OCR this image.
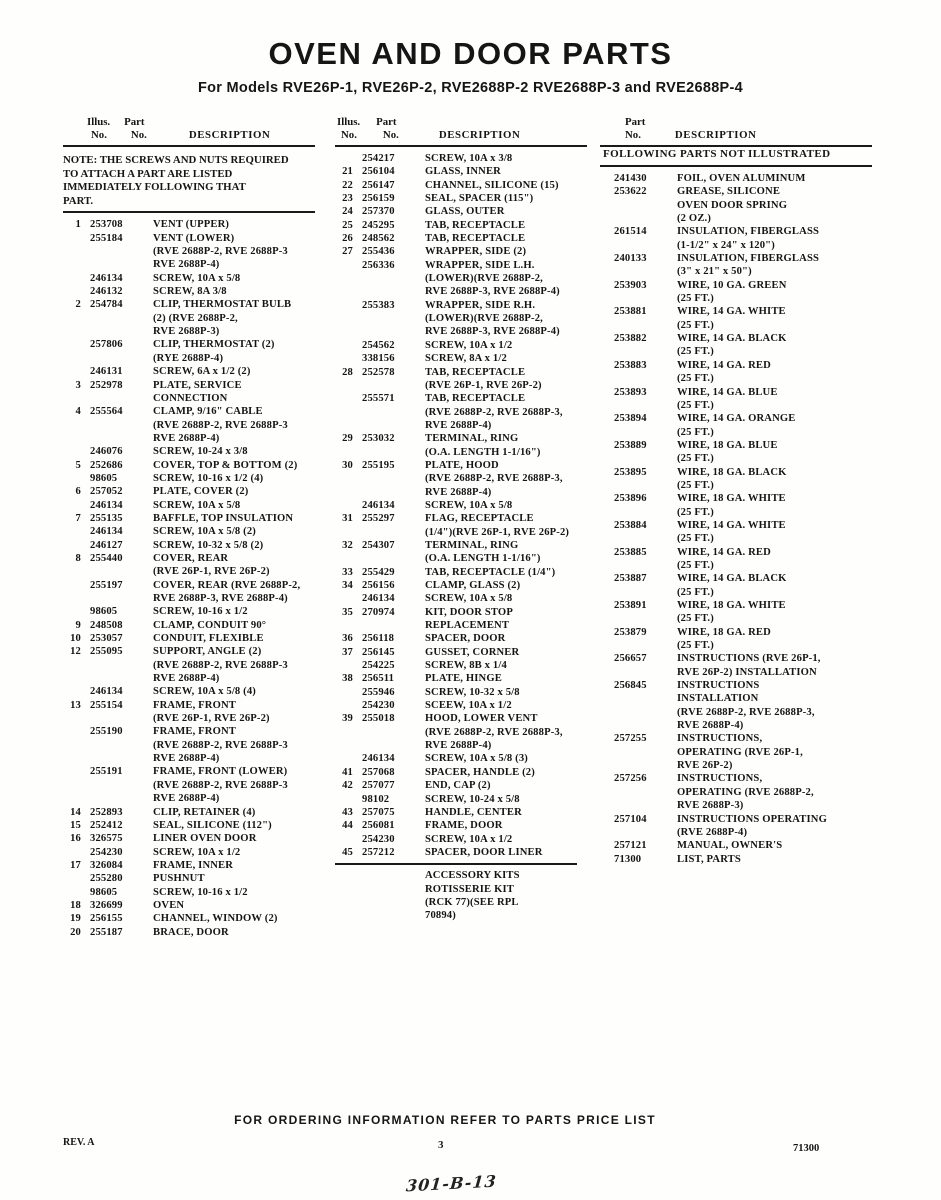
OVEN AND DOOR PARTS
For Models RVE26P-1, RVE26P-2, RVE2688P-2 RVE2688P-3 and RVE2688P-4
Illus. Part
No. No.	DESCRIPTION
NOTE: THE SCREWS AND NUTS REQUIRED
TO ATTACH A PART ARE LISTED
IMMEDIATELY FOLLOWING THAT
PART.
1 253708	VENT (UPPER)
255184	VENT (LOWER)
(RVE 2688P-2, RVE 2688P-3
RVE 2688P-4)
246134	SCREW, 10A x 5/8
246132	SCREW, 8A 3/8
2 254784	CLIP, THERMOSTAT BULB
(2) (RVE 2688P-2,
RVE 2688P-3)
257806	CLIP, THERMOSTAT (2)
(RYE 2688P-4)
246131	SCREW, 6A x 1/2 (2)
3 252978	PLATE, SERVICE
CONNECTION
4 255564	CLAMP, 9/16" CABLE
(RVE 2688P-2, RVE 2688P-3
RVE 2688P-4)
246076	SCREW, 10-24 x 3/8
5 252686	COVER, TOP & BOTTOM (2)
98605	SCREW, 10-16 x 1/2 (4)
6 257052	PLATE, COVER (2)
246134	SCREW, 10A x 5/8
7 255135	BAFFLE, TOP INSULATION
246134	SCREW, 10A x 5/8 (2)
246127	SCREW, 10-32 x 5/8 (2)
8 255440	COVER, REAR
(RVE 26P-1, RVE 26P-2)
255197	COVER, REAR (RVE 2688P-2,
RVE 2688P-3, RVE 2688P-4)
98605	SCREW, 10-16 x 1/2
9 248508	CLAMP, CONDUIT 90°
10 253057	CONDUIT, FLEXIBLE
12 255095	SUPPORT, ANGLE (2)
(RVE 2688P-2, RVE 2688P-3
RVE 2688P-4)
246134	SCREW, 10A x 5/8 (4)
13 255154	FRAME, FRONT
(RVE 26P-1, RVE 26P-2)
255190	FRAME, FRONT
(RVE 2688P-2, RVE 2688P-3
RVE 2688P-4)
255191	FRAME, FRONT (LOWER)
(RVE 2688P-2, RVE 2688P-3
RVE 2688P-4)
14 252893	CLIP, RETAINER (4)
15 252412	SEAL, SILICONE (112")
16 326575	LINER OVEN DOOR
254230	SCREW, 10A x 1/2
17 326084	FRAME, INNER
255280	PUSHNUT
98605	SCREW, 10-16 x 1/2
18 326699	OVEN
19 256155	CHANNEL, WINDOW (2)
20 255187	BRACE, DOOR
Illus. Part
No. No.	DESCRIPTION
254217	SCREW, 10A x 3/8
21 256104	GLASS, INNER
22 256147	CHANNEL, SILICONE (15)
23 256159	SEAL, SPACER (115")
24 257370	GLASS, OUTER
25 245295	TAB, RECEPTACLE
26 248562	TAB, RECEPTACLE
27 255436	WRAPPER, SIDE (2)
256336	WRAPPER, SIDE L.H.
(LOWER)(RVE 2688P-2,
RVE 2688P-3, RVE 2688P-4)
255383	WRAPPER, SIDE R.H.
(LOWER)(RVE 2688P-2,
RVE 2688P-3, RVE 2688P-4)
254562	SCREW, 10A x 1/2
338156	SCREW, 8A x 1/2
28 252578	TAB, RECEPTACLE
(RVE 26P-1, RVE 26P-2)
255571	TAB, RECEPTACLE
(RVE 2688P-2, RVE 2688P-3,
RVE 2688P-4)
29 253032	TERMINAL, RING
(O.A. LENGTH 1-1/16")
30 255195	PLATE, HOOD
(RVE 2688P-2, RVE 2688P-3,
RVE 2688P-4)
246134	SCREW, 10A x 5/8
31 255297	FLAG, RECEPTACLE
(1/4")(RVE 26P-1, RVE 26P-2)
32 254307	TERMINAL, RING
(O.A. LENGTH 1-1/16")
33 255429	TAB, RECEPTACLE (1/4")
34 256156	CLAMP, GLASS (2)
246134	SCREW, 10A x 5/8
35 270974	KIT, DOOR STOP
REPLACEMENT
36 256118	SPACER, DOOR
37 256145	GUSSET, CORNER
254225	SCREW, 8B x 1/4
38 256511	PLATE, HINGE
255946	SCREW, 10-32 x 5/8
254230	SCEEW, 10A x 1/2
39 255018	HOOD, LOWER VENT
(RVE 2688P-2, RVE 2688P-3,
RVE 2688P-4)
246134	SCREW, 10A x 5/8 (3)
41 257068	SPACER, HANDLE (2)
42 257077	END, CAP (2)
98102	SCREW, 10-24 x 5/8
43 257075	HANDLE, CENTER
44 256081	FRAME, DOOR
254230	SCREW, 10A x 1/2
45 257212	SPACER, DOOR LINER
ACCESSORY KITS
ROTISSERIE KIT
(RCK 77)(SEE RPL
70894)
Part
No.	DESCRIPTION
FOLLOWING PARTS NOT ILLUSTRATED
241430	FOIL, OVEN ALUMINUM
253622	GREASE, SILICONE
OVEN DOOR SPRING
(2 OZ.)
261514	INSULATION, FIBERGLASS
(1-1/2" x 24" x 120")
240133	INSULATION, FIBERGLASS
(3" x 21" x 50")
253903	WIRE, 10 GA. GREEN
(25 FT.)
253881	WIRE, 14 GA. WHITE
(25 FT.)
253882	WIRE, 14 GA. BLACK
(25 FT.)
253883	WIRE, 14 GA. RED
(25 FT.)
253893	WIRE, 14 GA. BLUE
(25 FT.)
253894	WIRE, 14 GA. ORANGE
(25 FT.)
253889	WIRE, 18 GA. BLUE
(25 FT.)
253895	WIRE, 18 GA. BLACK
(25 FT.)
253896	WIRE, 18 GA. WHITE
(25 FT.)
253884	WIRE, 14 GA. WHITE
(25 FT.)
253885	WIRE, 14 GA. RED
(25 FT.)
253887	WIRE, 14 GA. BLACK
(25 FT.)
253891	WIRE, 18 GA. WHITE
(25 FT.)
253879	WIRE, 18 GA. RED
(25 FT.)
256657	INSTRUCTIONS (RVE 26P-1,
RVE 26P-2) INSTALLATION
256845	INSTRUCTIONS
INSTALLATION
(RVE 2688P-2, RVE 2688P-3,
RVE 2688P-4)
257255	INSTRUCTIONS,
OPERATING (RVE 26P-1,
RVE 26P-2)
257256	INSTRUCTIONS,
OPERATING (RVE 2688P-2,
RVE 2688P-3)
257104	INSTRUCTIONS OPERATING
(RVE 2688P-4)
257121	MANUAL, OWNER'S
71300	LIST, PARTS
FOR ORDERING INFORMATION REFER TO PARTS PRICE LIST
REV. A	3	71300
301-B-13
